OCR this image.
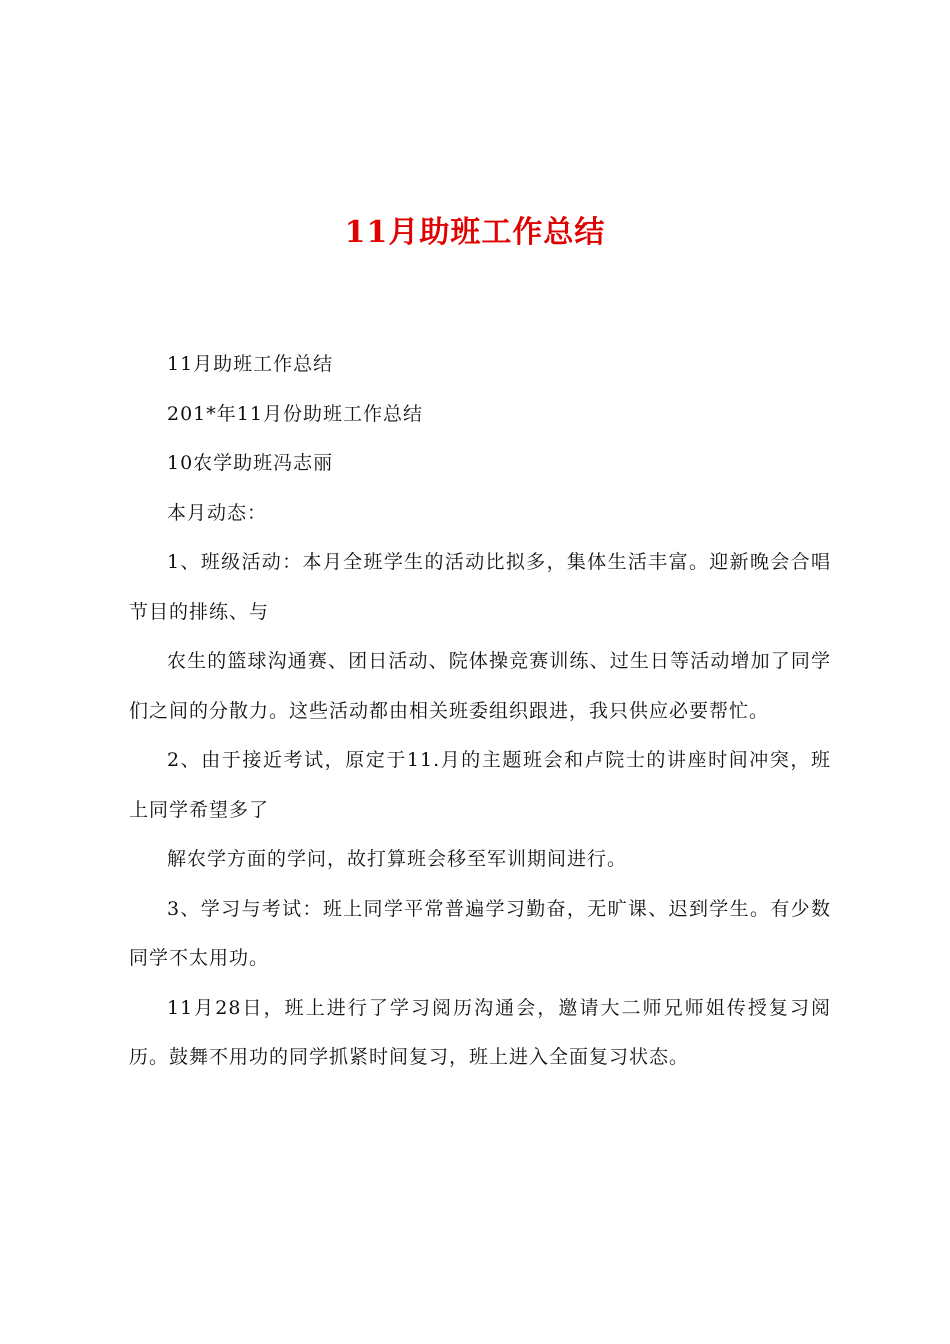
11月助班工作总结

11月助班工作总结

201*年11月份助班工作总结

10农学助班冯志丽

本月动态：

1、班级活动：本月全班学生的活动比拟多，集体生活丰富。迎新晚会合唱节目的排练、与

农生的篮球沟通赛、团日活动、院体操竞赛训练、过生日等活动增加了同学们之间的分散力。这些活动都由相关班委组织跟进，我只供应必要帮忙。

2、由于接近考试，原定于11.月的主题班会和卢院士的讲座时间冲突，班上同学希望多了

解农学方面的学问，故打算班会移至军训期间进行。

3、学习与考试：班上同学平常普遍学习勤奋，无旷课、迟到学生。有少数同学不太用功。

11月28日，班上进行了学习阅历沟通会，邀请大二师兄师姐传授复习阅历。鼓舞不用功的同学抓紧时间复习，班上进入全面复习状态。
